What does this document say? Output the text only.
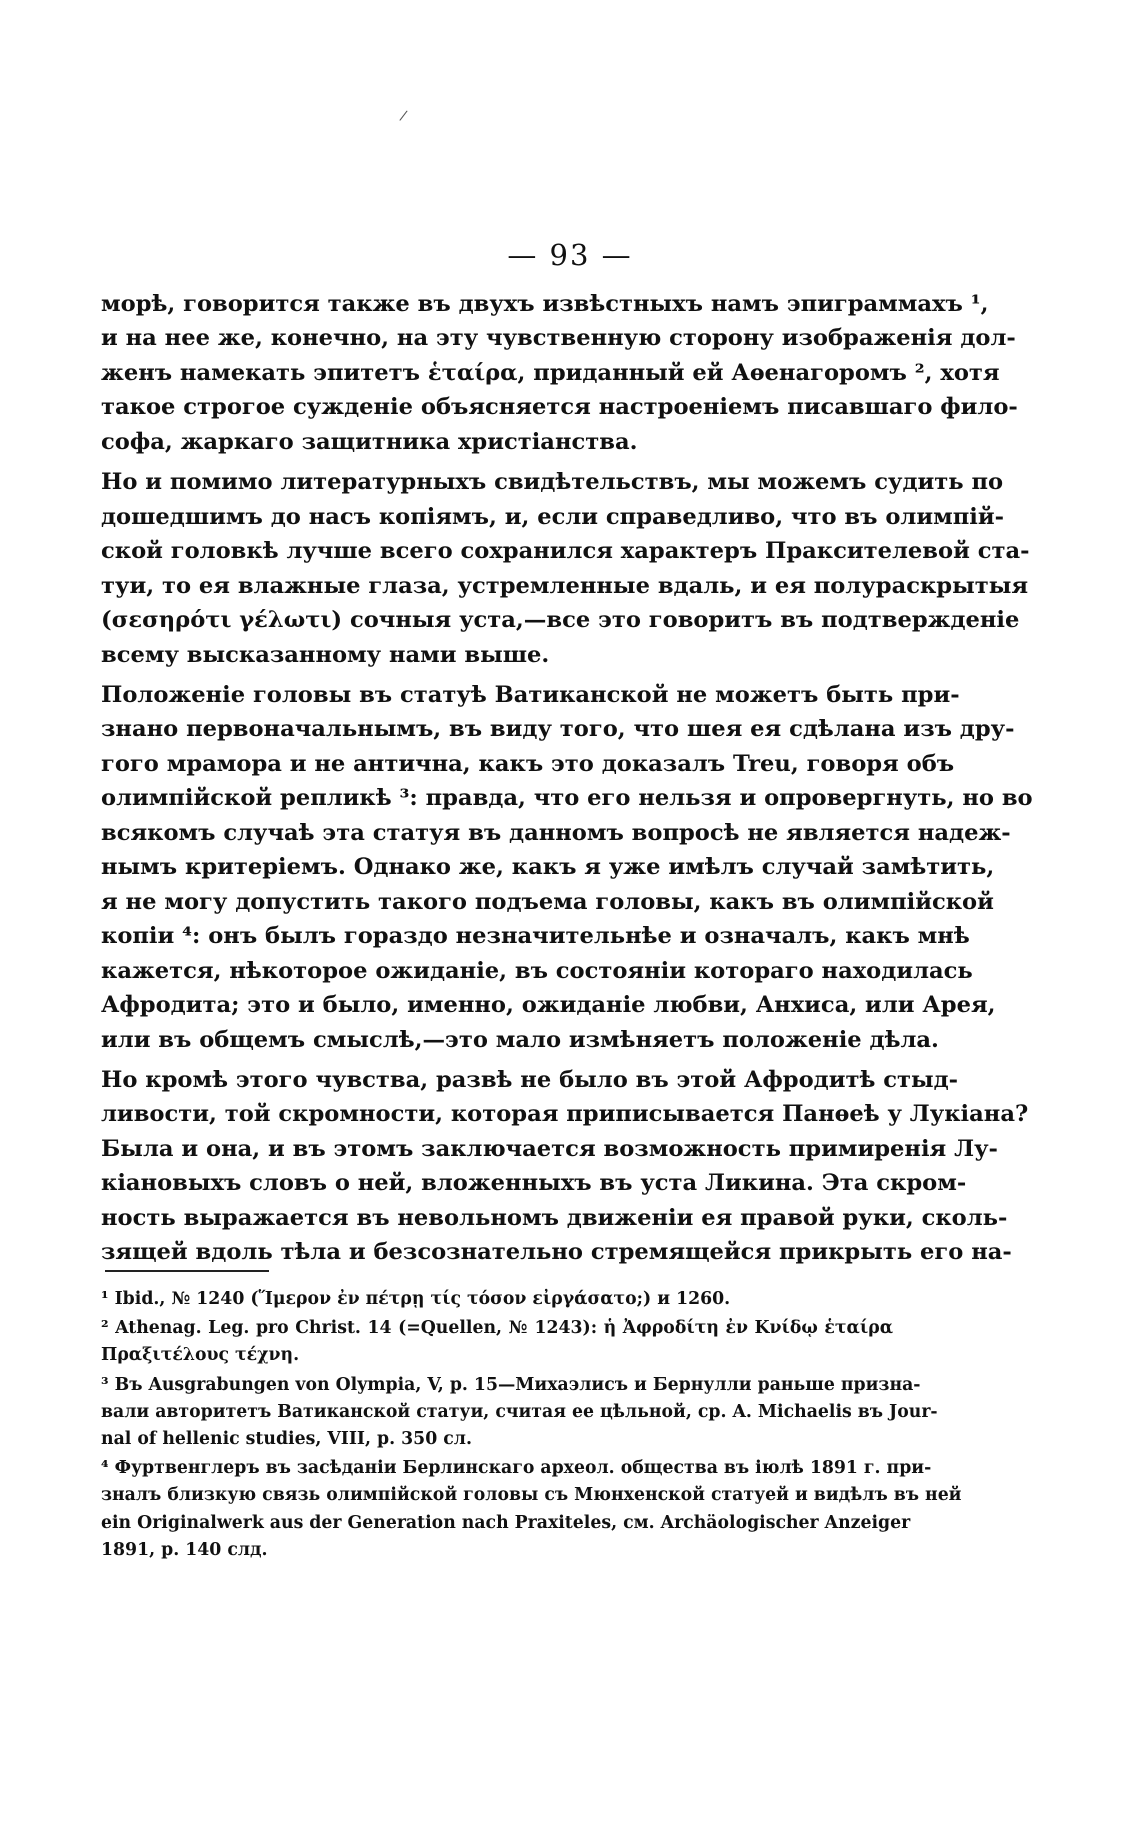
/
— 93 —

морѣ, говорится также въ двухъ извѣстныхъ намъ эпиграммахъ ¹,
и на нее же, конечно, на эту чувственную сторону изображенія дол-
женъ намекать эпитетъ ἑταίρα, приданный ей Аѳенагоромъ ², хотя
такое строгое сужденіе объясняется настроеніемъ писавшаго фило-
софа, жаркаго защитника христіанства.

Но и помимо литературныхъ свидѣтельствъ, мы можемъ судить по
дошедшимъ до насъ копіямъ, и, если справедливо, что въ олимпій-
ской головкѣ лучше всего сохранился характеръ Праксителевой ста-
туи, то ея влажные глаза, устремленные вдаль, и ея полураскрытыя
(σεσηρότι γέλωτι) сочныя уста,—все это говоритъ въ подтвержденіе
всему высказанному нами выше.

Положеніе головы въ статуѣ Ватиканской не можетъ быть при-
знано первоначальнымъ, въ виду того, что шея ея сдѣлана изъ дру-
гого мрамора и не антична, какъ это доказалъ Treu, говоря объ
олимпійской репликѣ ³: правда, что его нельзя и опровергнуть, но во
всякомъ случаѣ эта статуя въ данномъ вопросѣ не является надеж-
нымъ критеріемъ. Однако же, какъ я уже имѣлъ случай замѣтить,
я не могу допустить такого подъема головы, какъ въ олимпійской
копіи ⁴: онъ былъ гораздо незначительнѣе и означалъ, какъ мнѣ
кажется, нѣкоторое ожиданіе, въ состояніи котораго находилась
Афродита; это и было, именно, ожиданіе любви, Анхиса, или Арея,
или въ общемъ смыслѣ,—это мало измѣняетъ положеніе дѣла.

Но кромѣ этого чувства, развѣ не было въ этой Афродитѣ стыд-
ливости, той скромности, которая приписывается Панѳеѣ у Лукіана?
Была и она, и въ этомъ заключается возможность примиренія Лу-
кіановыхъ словъ о ней, вложенныхъ въ уста Ликина. Эта скром-
ность выражается въ невольномъ движеніи ея правой руки, сколь-
зящей вдоль тѣла и безсознательно стремящейся прикрыть его на-

¹ Ibid., № 1240 (Ἵμερον ἐν πέτρῃ τίς τόσον εἰργάσατο;) и 1260.

² Athenag. Leg. pro Christ. 14 (=Quellen, № 1243): ἡ Ἀφροδίτη ἐν Κνίδῳ ἑταίρα
Πραξιτέλους τέχνη.

³ Въ Ausgrabungen von Olympia, V, p. 15—Михаэлисъ и Бернулли раньше призна-
вали авторитетъ Ватиканской статуи, считая ее цѣльной, ср. A. Michaelis въ Jour-
nal of hellenic studies, VIII, p. 350 сл.

⁴ Фуртвенглеръ въ засѣданіи Берлинскаго археол. общества въ іюлѣ 1891 г. при-
зналъ близкую связь олимпійской головы съ Мюнхенской статуей и видѣлъ въ ней
ein Originalwerk aus der Generation nach Praxiteles, см. Archäologischer Anzeiger
1891, p. 140 слд.
